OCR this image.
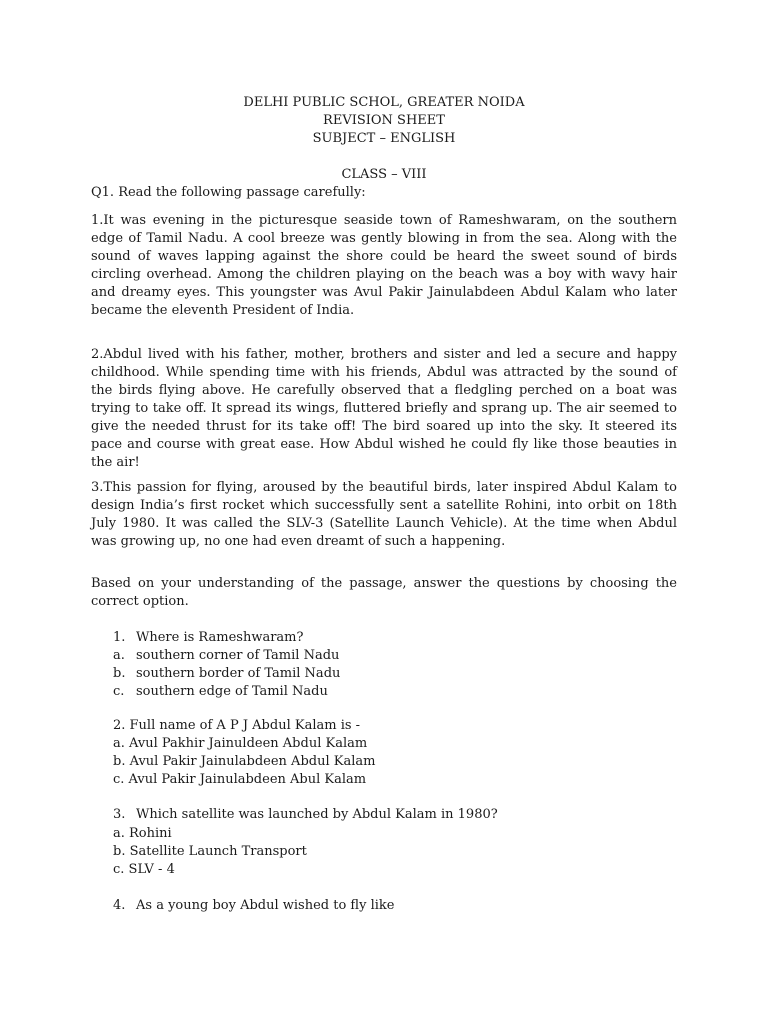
DELHI PUBLIC SCHOL, GREATER NOIDA
REVISION SHEET
SUBJECT – ENGLISH
CLASS – VIII
Q1. Read the following passage carefully:
1.It was evening in the picturesque seaside town of Rameshwaram, on the southern edge of Tamil Nadu. A cool breeze was gently blowing in from the sea. Along with the sound of waves lapping against the shore could be heard the sweet sound of birds circling overhead. Among the children playing on the beach was a boy with wavy hair and dreamy eyes. This youngster was Avul Pakir Jainulabdeen Abdul Kalam who later became the eleventh President of India.
2.Abdul lived with his father, mother, brothers and sister and led a secure and happy childhood. While spending time with his friends, Abdul was attracted by the sound of the birds flying above. He carefully observed that a fledgling perched on a boat was trying to take off. It spread its wings, fluttered briefly and sprang up. The air seemed to give the needed thrust for its take off! The bird soared up into the sky. It steered its pace and course with great ease. How Abdul wished he could fly like those beauties in the air!
3.This passion for flying, aroused by the beautiful birds, later inspired Abdul Kalam to design India’s first rocket which successfully sent a satellite Rohini, into orbit on 18th July 1980. It was called the SLV-3 (Satellite Launch Vehicle). At the time when Abdul was growing up, no one had even dreamt of such a happening.
Based on your understanding of the passage, answer the questions by choosing the correct option.
1. Where is Rameshwaram?
a. southern corner of Tamil Nadu
b. southern border of Tamil Nadu
c. southern edge of Tamil Nadu
2. Full name of A P J Abdul Kalam is -
a. Avul Pakhir Jainuldeen Abdul Kalam
b. Avul Pakir Jainulabdeen Abdul Kalam
c. Avul Pakir Jainulabdeen Abul Kalam
3. Which satellite was launched by Abdul Kalam in 1980?
a. Rohini
b. Satellite Launch Transport
c. SLV - 4
4. As a young boy Abdul wished to fly like
